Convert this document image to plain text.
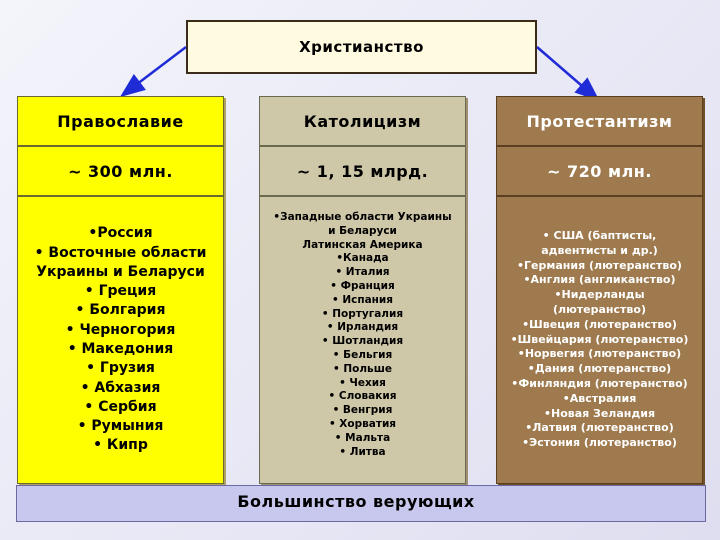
Христианство
Православие
~ 300 млн.
•Россия
• Восточные области
Украины и Беларуси
• Греция
• Болгария
• Черногория
• Македония
• Грузия
• Абхазия
• Сербия
• Румыния
• Кипр
Католицизм
~ 1, 15 млрд.
•Западные области Украины
и Беларуси
Латинская Америка
•Канада
• Италия
• Франция
• Испания
• Португалия
• Ирландия
• Шотландия
• Бельгия
• Польше
• Чехия
• Словакия
• Венгрия
• Хорватия
• Мальта
• Литва
Протестантизм
~ 720 млн.
• США (баптисты,
адвентисты и др.)
•Германия (лютеранство)
•Англия (англиканство)
•Нидерланды
(лютеранство)
•Швеция (лютеранство)
•Швейцария (лютеранство)
•Норвегия (лютеранство)
•Дания (лютеранство)
•Финляндия (лютеранство)
•Австралия
•Новая Зеландия
•Латвия (лютеранство)
•Эстония (лютеранство)
Большинство верующих
